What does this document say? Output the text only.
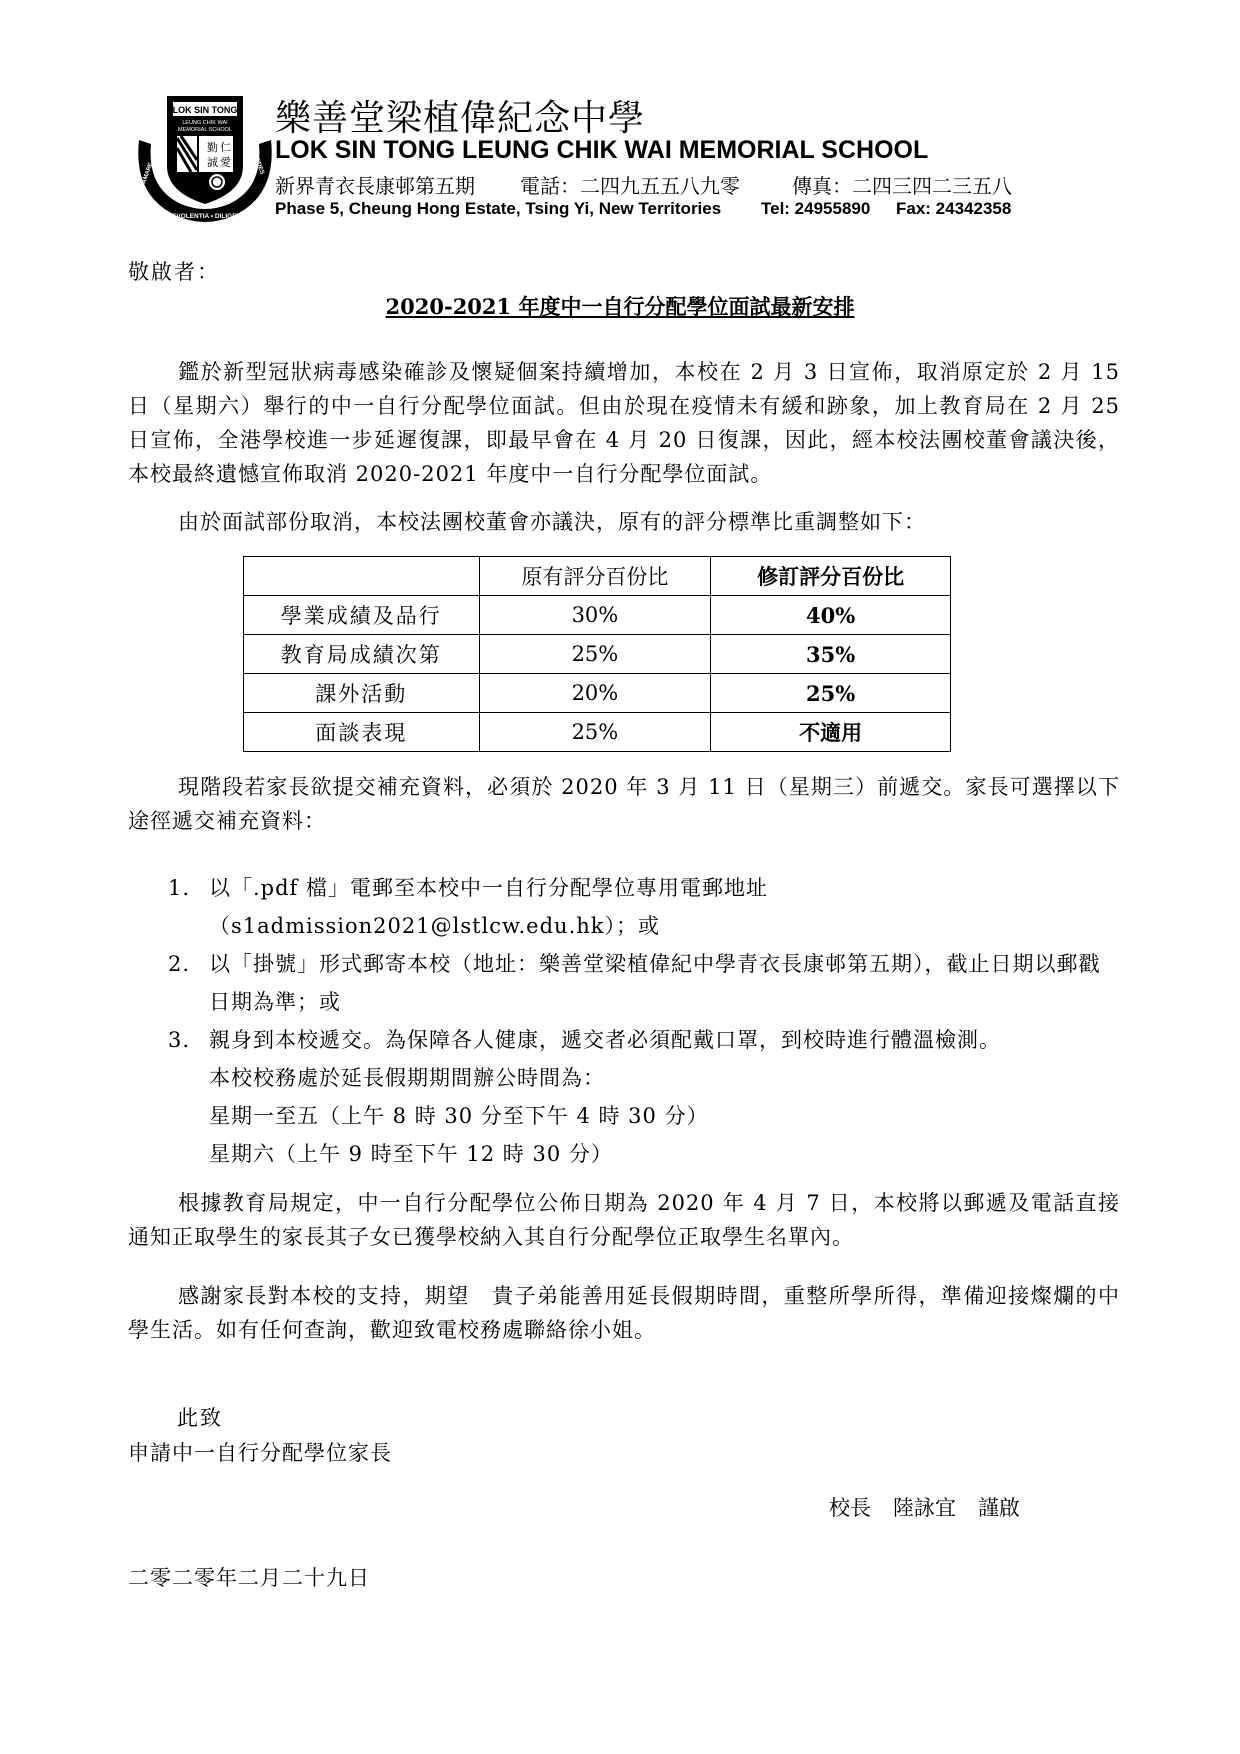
LOK SIN TONG
LEUNG CHIK WAI
MEMORIAL SCHOOL
勤 仁
誠 愛
AMARE	FIDES
BENEVOLENTIA • DILIGENTIA
樂善堂梁植偉紀念中學
LOK SIN TONG LEUNG CHIK WAI MEMORIAL SCHOOL
新界青衣長康邨第五期 電話：二四九五五八九零	傳真：二四三四二三五八
Phase 5, Cheung Hong Estate, Tsing Yi, New Territories Tel: 24955890 Fax: 24342358
敬啟者：
2020-2021 年度中一自行分配學位面試最新安排
鑑於新型冠狀病毒感染確診及懷疑個案持續增加，本校在 2 月 3 日宣佈，取消原定於 2 月 15 日（星期六）舉行的中一自行分配學位面試。但由於現在疫情未有緩和跡象，加上教育局在 2 月 25 日宣佈，全港學校進一步延遲復課，即最早會在 4 月 20 日復課，因此，經本校法團校董會議決後，本校最終遺憾宣佈取消 2020-2021 年度中一自行分配學位面試。
由於面試部份取消，本校法團校董會亦議決，原有的評分標準比重調整如下：
	原有評分百份比	修訂評分百份比
學業成績及品行	30%	40%
教育局成績次第	25%	35%
課外活動	20%	25%
面談表現	25%	不適用
現階段若家長欲提交補充資料，必須於 2020 年 3 月 11 日（星期三）前遞交。家長可選擇以下途徑遞交補充資料：
1. 以「.pdf 檔」電郵至本校中一自行分配學位專用電郵地址（s1admission2021@lstlcw.edu.hk）；或
2. 以「掛號」形式郵寄本校（地址：樂善堂梁植偉紀中學青衣長康邨第五期），截止日期以郵戳日期為準；或
3. 親身到本校遞交。為保障各人健康，遞交者必須配戴口罩，到校時進行體溫檢測。
本校校務處於延長假期期間辦公時間為：
星期一至五（上午 8 時 30 分至下午 4 時 30 分）
星期六（上午 9 時至下午 12 時 30 分）
根據教育局規定，中一自行分配學位公佈日期為 2020 年 4 月 7 日，本校將以郵遞及電話直接通知正取學生的家長其子女已獲學校納入其自行分配學位正取學生名單內。
感謝家長對本校的支持，期望　貴子弟能善用延長假期時間，重整所學所得，準備迎接燦爛的中學生活。如有任何查詢，歡迎致電校務處聯絡徐小姐。
此致
申請中一自行分配學位家長
校長 陸詠宜 謹啟
二零二零年二月二十九日
